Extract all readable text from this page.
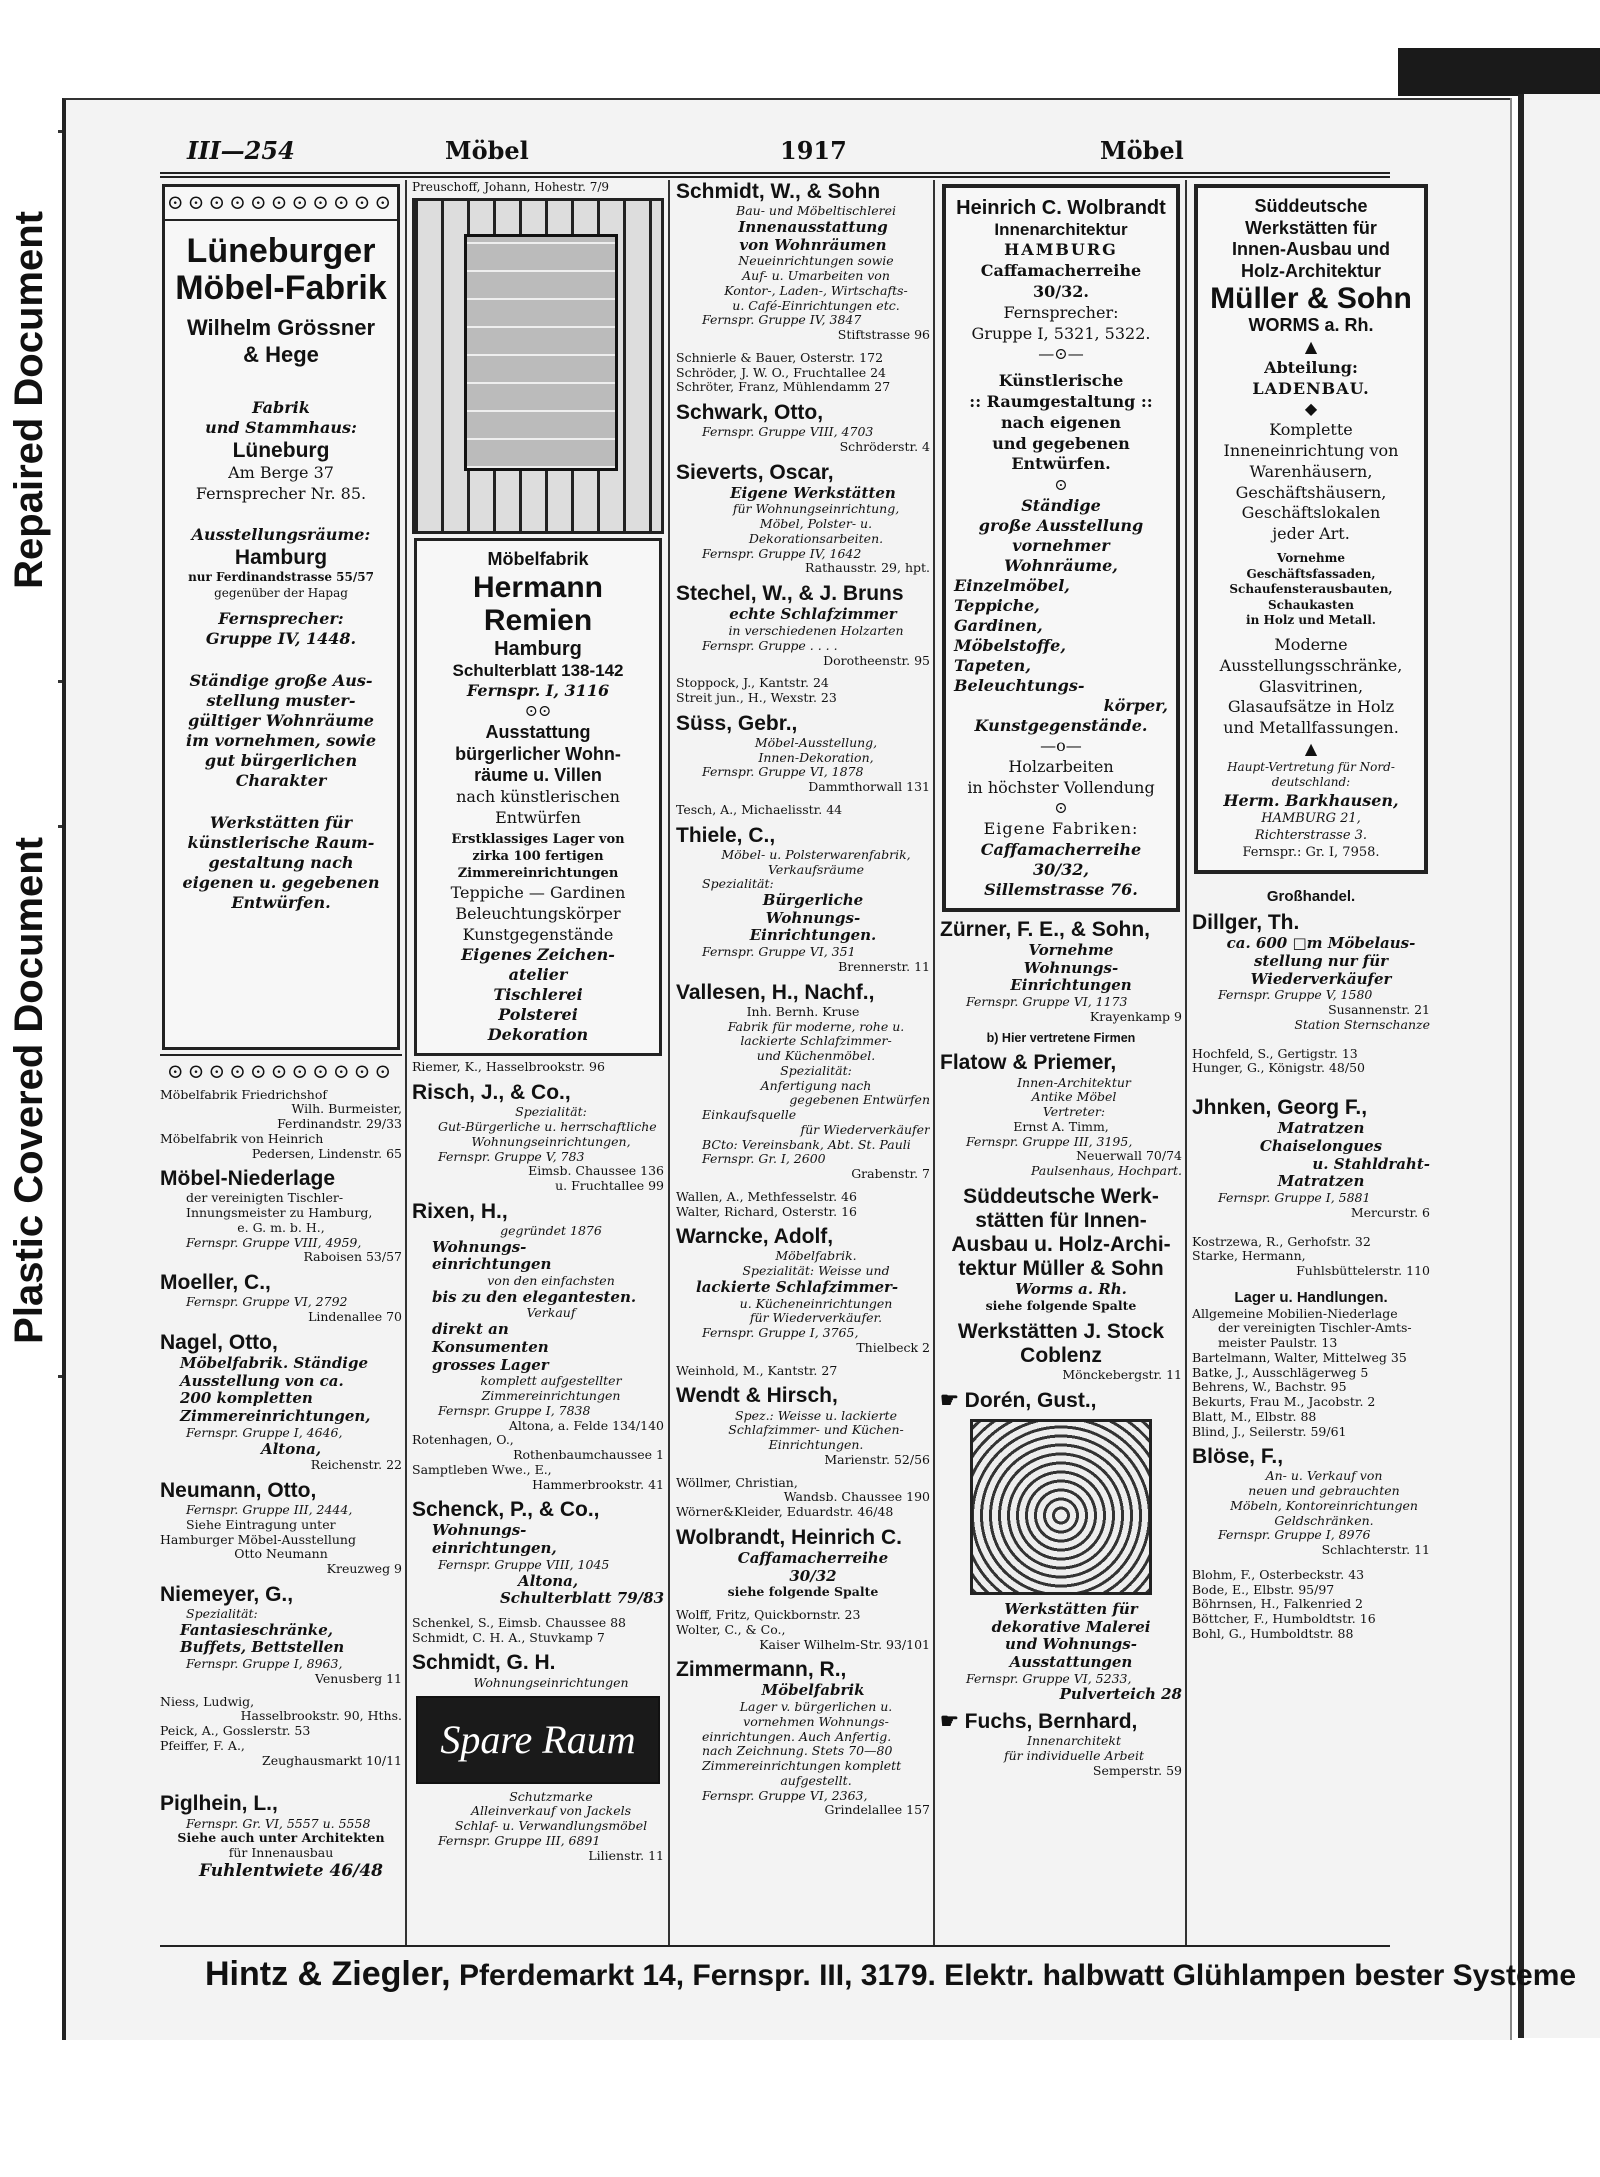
Repaired Document
Plastic Covered Document
III—254	Möbel	1917	Möbel
⊙⊙⊙⊙⊙⊙⊙⊙⊙⊙⊙
Lüneburger
Möbel-Fabrik
Wilhelm Grössner
& Hege
Fabrik
und Stammhaus:
Lüneburg
Am Berge 37
Fernsprecher Nr. 85.
Ausstellungsräume:
Hamburg
nur Ferdinandstrasse 55/57
gegenüber der Hapag
Fernsprecher:
Gruppe IV, 1448.
Ständige große Aus-
stellung muster-
gültiger Wohnräume
im vornehmen, sowie
gut bürgerlichen
Charakter
Werkstätten für
künstlerische Raum-
gestaltung nach
eigenen u. gegebenen
Entwürfen.
⊙⊙⊙⊙⊙⊙⊙⊙⊙⊙⊙
Möbelfabrik Friedrichshof
Wilh. Burmeister,
Ferdinandstr. 29/33
Möbelfabrik von Heinrich
Pedersen, Lindenstr. 65
Möbel-Niederlage
der vereinigten Tischler-
Innungsmeister zu Hamburg,
e. G. m. b. H.,
Fernspr. Gruppe VIII, 4959,
Raboisen 53/57
Moeller, C.,
Fernspr. Gruppe VI, 2792
Lindenallee 70
Nagel, Otto,
Möbelfabrik. Ständige
Ausstellung von ca.
200 kompletten
Zimmereinrichtungen,
Fernspr. Gruppe I, 4646,
Altona,
Reichenstr. 22
Neumann, Otto,
Fernspr. Gruppe III, 2444,
Siehe Eintragung unter
Hamburger Möbel-Ausstellung
Otto Neumann
Kreuzweg 9
Niemeyer, G.,
Spezialität:
Fantasieschränke,
Buffets, Bettstellen
Fernspr. Gruppe I, 8963,
Venusberg 11
Niess, Ludwig,
Hasselbrookstr. 90, Hths.
Peick, A., Gosslerstr. 53
Pfeiffer, F. A.,
Zeughausmarkt 10/11
Piglhein, L.,
Fernspr. Gr. VI, 5557 u. 5558
Siehe auch unter Architekten
für Innenausbau
Fuhlentwiete 46/48
Preuschoff, Johann, Hohestr. 7/9
Möbelfabrik
Hermann Remien
Hamburg
Schulterblatt 138-142
Fernspr. I, 3116
⊙⊙
Ausstattung
bürgerlicher Wohn-
räume u. Villen
nach künstlerischen
Entwürfen
Erstklassiges Lager von
zirka 100 fertigen
Zimmereinrichtungen
Teppiche — Gardinen
Beleuchtungskörper
Kunstgegenstände
Eigenes Zeichen-
atelier
Tischlerei
Polsterei
Dekoration
Riemer, K., Hasselbrookstr. 96
Risch, J., & Co.,
Spezialität:
Gut-Bürgerliche u. herrschaftliche
Wohnungseinrichtungen,
Fernspr. Gruppe V, 783
Eimsb. Chaussee 136
u. Fruchtallee 99
Rixen, H.,
gegründet 1876
Wohnungs-
einrichtungen
von den einfachsten
bis zu den elegantesten.
Verkauf
direkt an
Konsumenten
grosses Lager
komplett aufgestellter
Zimmereinrichtungen
Fernspr. Gruppe I, 7838
Altona, a. Felde 134/140
Rotenhagen, O.,
Rothenbaumchaussee 1
Samptleben Wwe., E.,
Hammerbrookstr. 41
Schenck, P., & Co.,
Wohnungs-
einrichtungen,
Fernspr. Gruppe VIII, 1045
Altona,
Schulterblatt 79/83
Schenkel, S., Eimsb. Chaussee 88
Schmidt, C. H. A., Stuvkamp 7
Schmidt, G. H.
Wohnungseinrichtungen
Spare Raum
Schutzmarke
Alleinverkauf von Jackels
Schlaf- u. Verwandlungsmöbel
Fernspr. Gruppe III, 6891
Lilienstr. 11
Schmidt, W., & Sohn
Bau- und Möbeltischlerei
Innenausstattung
von Wohnräumen
Neueinrichtungen sowie
Auf- u. Umarbeiten von
Kontor-, Laden-, Wirtschafts-
u. Café-Einrichtungen etc.
Fernspr. Gruppe IV, 3847
Stiftstrasse 96
Schnierle & Bauer, Osterstr. 172
Schröder, J. W. O., Fruchtallee 24
Schröter, Franz, Mühlendamm 27
Schwark, Otto,
Fernspr. Gruppe VIII, 4703
Schröderstr. 4
Sieverts, Oscar,
Eigene Werkstätten
für Wohnungseinrichtung,
Möbel, Polster- u.
Dekorationsarbeiten.
Fernspr. Gruppe IV, 1642
Rathausstr. 29, hpt.
Stechel, W., & J. Bruns
echte Schlafzimmer
in verschiedenen Holzarten
Fernspr. Gruppe . . . .
Dorotheenstr. 95
Stoppock, J., Kantstr. 24
Streit jun., H., Wexstr. 23
Süss, Gebr.,
Möbel-Ausstellung,
Innen-Dekoration,
Fernspr. Gruppe VI, 1878
Dammthorwall 131
Tesch, A., Michaelisstr. 44
Thiele, C.,
Möbel- u. Polsterwarenfabrik,
Verkaufsräume
Spezialität:
Bürgerliche
Wohnungs-
Einrichtungen.
Fernspr. Gruppe VI, 351
Brennerstr. 11
Vallesen, H., Nachf.,
Inh. Bernh. Kruse
Fabrik für moderne, rohe u.
lackierte Schlafzimmer-
und Küchenmöbel.
Spezialität:
Anfertigung nach
gegebenen Entwürfen
Einkaufsquelle
für Wiederverkäufer
BCto: Vereinsbank, Abt. St. Pauli
Fernspr. Gr. I, 2600
Grabenstr. 7
Wallen, A., Methfesselstr. 46
Walter, Richard, Osterstr. 16
Warncke, Adolf,
Möbelfabrik.
Spezialität: Weisse und
lackierte Schlafzimmer-
u. Kücheneinrichtungen
für Wiederverkäufer.
Fernspr. Gruppe I, 3765,
Thielbeck 2
Weinhold, M., Kantstr. 27
Wendt & Hirsch,
Spez.: Weisse u. lackierte
Schlafzimmer- und Küchen-
Einrichtungen.
Marienstr. 52/56
Wöllmer, Christian,
Wandsb. Chaussee 190
Wörner&Kleider, Eduardstr. 46/48
Wolbrandt, Heinrich C.
Caffamacherreihe
30/32
siehe folgende Spalte
Wolff, Fritz, Quickbornstr. 23
Wolter, C., & Co.,
Kaiser Wilhelm-Str. 93/101
Zimmermann, R.,
Möbelfabrik
Lager v. bürgerlichen u.
vornehmen Wohnungs-
einrichtungen. Auch Anfertig.
nach Zeichnung. Stets 70—80
Zimmereinrichtungen komplett
aufgestellt.
Fernspr. Gruppe VI, 2363,
Grindelallee 157
Heinrich C. Wolbrandt
Innenarchitektur
HAMBURG
Caffamacherreihe
30/32.
Fernsprecher:
Gruppe I, 5321, 5322.
—⊙—
Künstlerische
:: Raumgestaltung ::
nach eigenen
und gegebenen
Entwürfen.
⊙
Ständige
große Ausstellung
vornehmer
Wohnräume,
Einzelmöbel,
Teppiche,
Gardinen,
Möbelstoffe,
Tapeten,
Beleuchtungs-
körper,
Kunstgegenstände.
—o—
Holzarbeiten
in höchster Vollendung
⊙
Eigene Fabriken:
Caffamacherreihe
30/32,
Sillemstrasse 76.
Zürner, F. E., & Sohn,
Vornehme
Wohnungs-
Einrichtungen
Fernspr. Gruppe VI, 1173
Krayenkamp 9
b) Hier vertretene Firmen
Flatow & Priemer,
Innen-Architektur
Antike Möbel
Vertreter:
Ernst A. Timm,
Fernspr. Gruppe III, 3195,
Neuerwall 70/74
Paulsenhaus, Hochpart.
Süddeutsche Werk-
stätten für Innen-
Ausbau u. Holz-Archi-
tektur Müller & Sohn
Worms a. Rh.
siehe folgende Spalte
Werkstätten J. Stock
Coblenz
Mönckebergstr. 11
☛ Dorén, Gust.,
Werkstätten für
dekorative Malerei
und Wohnungs-
Ausstattungen
Fernspr. Gruppe VI, 5233,
Pulverteich 28
☛ Fuchs, Bernhard,
Innenarchitekt
für individuelle Arbeit
Semperstr. 59
Süddeutsche
Werkstätten für
Innen-Ausbau und
Holz-Architektur
Müller & Sohn
WORMS a. Rh.
▲
Abteilung:
LADENBAU.
◆
Komplette
Inneneinrichtung von
Warenhäusern,
Geschäftshäusern,
Geschäftslokalen
jeder Art.
Vornehme
Geschäftsfassaden,
Schaufensterausbauten,
Schaukasten
in Holz und Metall.
Moderne
Ausstellungsschränke,
Glasvitrinen,
Glasaufsätze in Holz
und Metallfassungen.
▲
Haupt-Vertretung für Nord-
deutschland:
Herm. Barkhausen,
HAMBURG 21,
Richterstrasse 3.
Fernspr.: Gr. I, 7958.
Großhandel.
Dillger, Th.
ca. 600 □m Möbelaus-
stellung nur für
Wiederverkäufer
Fernspr. Gruppe V, 1580
Susannenstr. 21
Station Sternschanze
Hochfeld, S., Gertigstr. 13
Hunger, G., Königstr. 48/50
Jhnken, Georg F.,
Matratzen
Chaiselongues
u. Stahldraht-
Matratzen
Fernspr. Gruppe I, 5881
Mercurstr. 6
Kostrzewa, R., Gerhofstr. 32
Starke, Hermann,
Fuhlsbüttelerstr. 110
Lager u. Handlungen.
Allgemeine Mobilien-Niederlage
der vereinigten Tischler-Amts-
meister Paulstr. 13
Bartelmann, Walter, Mittelweg 35
Batke, J., Ausschlägerweg 5
Behrens, W., Bachstr. 95
Bekurts, Frau M., Jacobstr. 2
Blatt, M., Elbstr. 88
Blind, J., Seilerstr. 59/61
Blöse, F.,
An- u. Verkauf von
neuen und gebrauchten
Möbeln, Kontoreinrichtungen
Geldschränken.
Fernspr. Gruppe I, 8976
Schlachterstr. 11
Blohm, F., Osterbeckstr. 43
Bode, E., Elbstr. 95/97
Böhrnsen, H., Falkenried 2
Böttcher, F., Humboldtstr. 16
Bohl, G., Humboldtstr. 88
Hintz & Ziegler, Pferdemarkt 14, Fernspr. III, 3179. Elektr. halbwatt Glühlampen bester Systeme
